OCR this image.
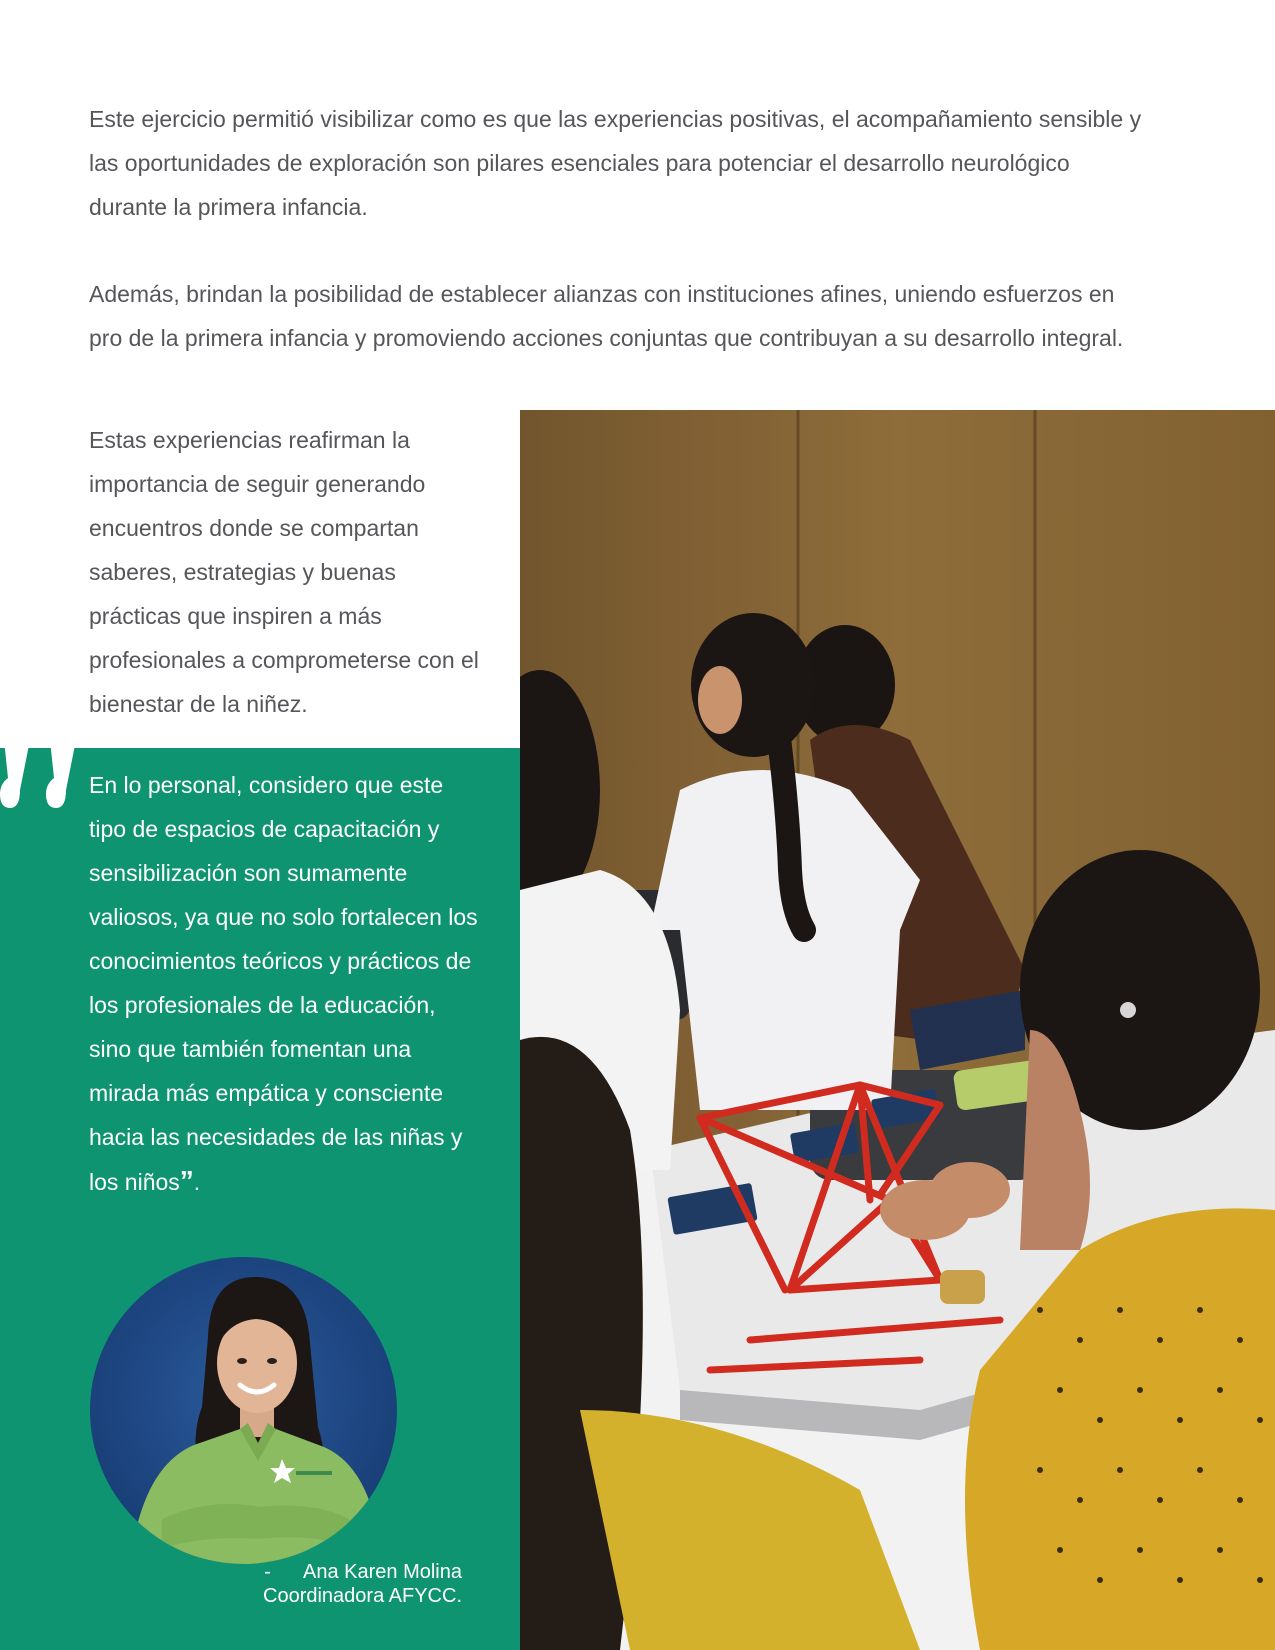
Este ejercicio permitió visibilizar como es que las experiencias positivas, el acompañamiento sensible y las oportunidades de exploración son pilares esenciales para potenciar el desarrollo neurológico durante la primera infancia.

Además, brindan la posibilidad de establecer alianzas con instituciones afines, uniendo esfuerzos en pro de la primera infancia y promoviendo acciones conjuntas que contribuyan a su desarrollo integral.

Estas experiencias reafirman la importancia de seguir generando encuentros donde se compartan saberes, estrategias y buenas prácticas que inspiren a más profesionales a comprometerse con el bienestar de la niñez.

En lo personal, considero que este tipo de espacios de capacitación y sensibilización son sumamente valiosos, ya que no solo fortalecen los conocimientos teóricos y prácticos de los profesionales de la educación, sino que también fomentan una mirada más empática y consciente hacia las necesidades de las niñas y los niños”.

-      Ana Karen Molina
Coordinadora AFYCC.
